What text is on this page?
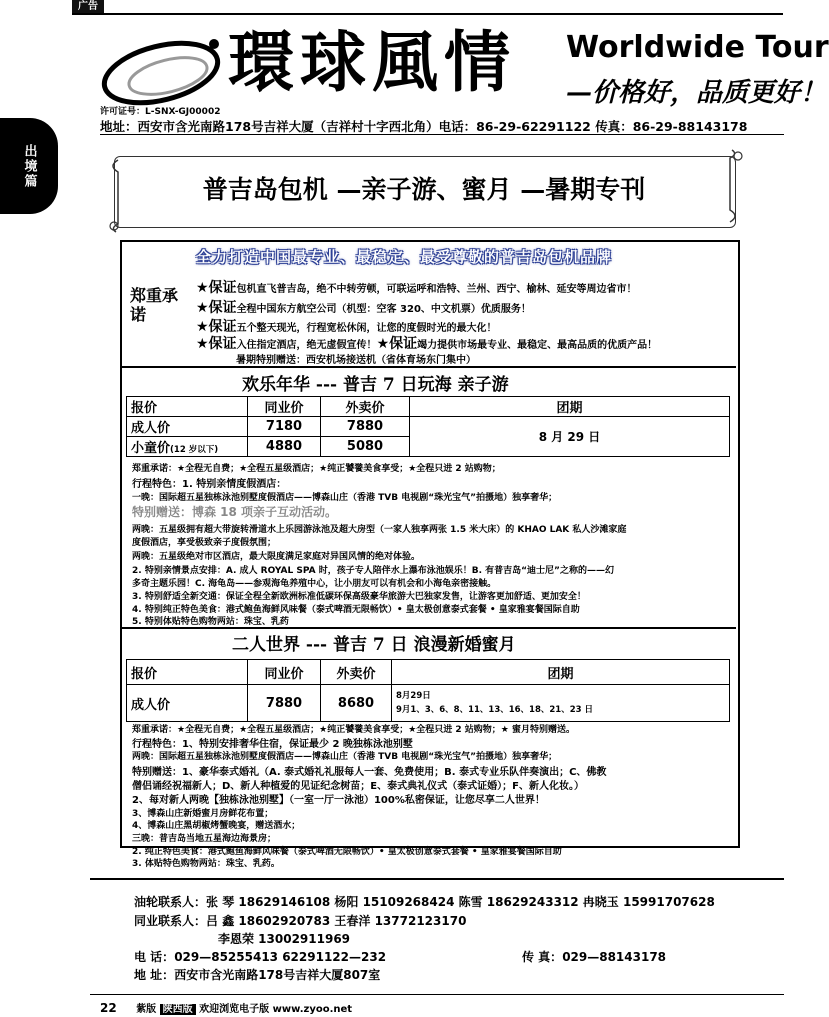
广告
出境篇
環球風情 Worldwide Tour
—价格好，品质更好！
许可证号：L-SNX-GJ00002
地址：西安市含光南路178号吉祥大厦（吉祥村十字西北角）电话：86-29-62291122 传真：86-29-88143178
普吉岛包机 —亲子游、蜜月 —暑期专刊
全力打造中国最专业、最稳定、最受尊敬的普吉岛包机品牌
郑重承诺
★保证包机直飞普吉岛，绝不中转劳顿，可联运呼和浩特、兰州、西宁、榆林、延安等周边省市！
★保证全程中国东方航空公司（机型：空客 320、中文机票）优质服务！
★保证五个整天现光，行程宽松休闲，让您的度假时光的最大化！
★保证入住指定酒店，绝无虚假宣传！★保证竭力提供市场最专业、最稳定、最高品质的优质产品！
暑期特别赠送：西安机场接送机（省体育场东门集中）
欢乐年华 --- 普吉 7 日玩海 亲子游
报价	同业价	外卖价	团期
成人价	7180	7880	8 月 29 日
小童价(12 岁以下)	4880	5080	
郑重承诺：★全程无自费；★全程五星级酒店；★纯正饕餮美食享受；★全程只进 2 站购物；
行程特色：1. 特别亲情度假酒店：
一晚：国际超五星独栋泳池别墅度假酒店——博森山庄（香港 TVB 电视剧“珠光宝气”拍摄地）独享奢华；
特别赠送：博森 18 项亲子互动活动。
两晚：五星级拥有超大带旋转滑道水上乐园游泳池及超大房型（一家人独享两张 1.5 米大床）的 KHAO LAK 私人沙滩家庭
度假酒店，享受极致亲子度假氛围；
两晚：五星级绝对市区酒店，最大限度满足家庭对异国风情的绝对体验。
2. 特别亲情景点安排：A. 成人 ROYAL SPA 时，孩子专人陪伴水上瀑布泳池娱乐！B. 有普吉岛“迪士尼”之称的——幻
多奇主题乐园！C. 海龟岛——参观海龟养殖中心，让小朋友可以有机会和小海龟亲密接触。
3. 特别舒适全新交通：保证全程全新欧洲标准低碳环保高级豪华旅游大巴独家发售，让游客更加舒适、更加安全！
4. 特别纯正特色美食：港式鲍鱼海鲜风味餐（泰式啤酒无限畅饮）• 皇太极创意泰式套餐 • 皇家雅宴餐国际自助
5. 特别体贴特色购物两站：珠宝、乳药
二人世界 --- 普吉 7 日 浪漫新婚蜜月
报价	同业价	外卖价	团期
成人价	7880	8680	8月29日
9月1、3、6、8、11、13、16、18、21、23 日
郑重承诺：★全程无自费；★全程五星级酒店；★纯正饕餮美食享受；★全程只进 2 站购物；★ 蜜月特别赠送。
行程特色：1、特别安排奢华住宿，保证最少 2 晚独栋泳池别墅
两晚：国际超五星独栋泳池别墅度假酒店——博森山庄（香港 TVB 电视剧“珠光宝气”拍摄地）独享奢华；
特别赠送：1、豪华泰式婚礼（A. 泰式婚礼礼服每人一套、免费使用；B. 泰式专业乐队伴奏演出；C、佛教
僧侣诵经祝福新人；D、新人种植爱的见证纪念树苗；E、泰式典礼仪式（泰式证婚）；F、新人化妆。）
2、每对新人两晚【独栋泳池别墅】（一室一厅一泳池）100%私密保证，让您尽享二人世界！
3、博森山庄新婚蜜月房鲜花布置；
4、博森山庄黑胡椒烤蟹晚宴，赠送酒水；
三晚：普吉岛当地五星海边海景房；
2. 纯正特色美食：港式鲍鱼海鲜风味餐（泰式啤酒无限畅饮）• 皇太极创意泰式套餐 • 皇家雅宴餐国际自助
3. 体贴特色购物两站：珠宝、乳药。
油轮联系人：张 琴 18629146108 杨阳 15109268424 陈雪 18629243312 冉晓玉 15991707628
同业联系人：吕 鑫 18602920783 王春洋 13772123170
李恩荣 13002911969
电 话：029—85255413 62291122—232	传 真：029—88143178
地 址：西安市含光南路178号吉祥大厦807室
22 紫版 陕西版 欢迎浏览电子版 www.zyoo.net
